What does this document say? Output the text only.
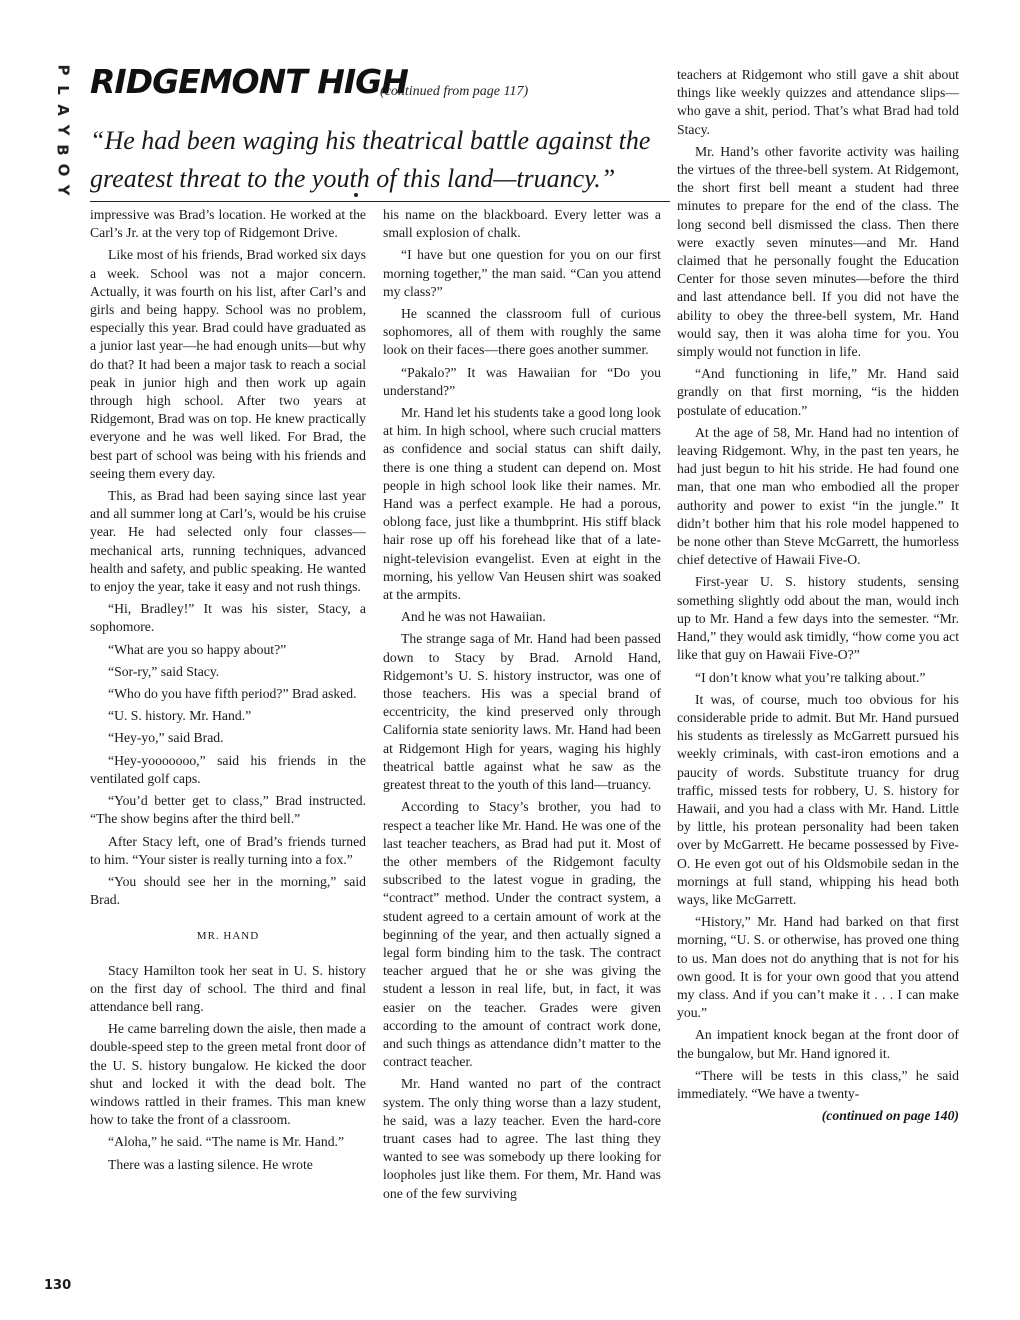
P
L
A
Y
B
O
Y
RIDGEMONT HIGH
(continued from page 117)
“He had been waging his theatrical battle against the greatest threat to the youth of this land—truancy.”

impressive was Brad’s location. He worked at the Carl’s Jr. at the very top of Ridgemont Drive.

Like most of his friends, Brad worked six days a week. School was not a major concern. Actually, it was fourth on his list, after Carl’s and girls and being happy. School was no problem, especially this year. Brad could have graduated as a junior last year—he had enough units—but why do that? It had been a major task to reach a social peak in junior high and then work up again through high school. After two years at Ridgemont, Brad was on top. He knew practically everyone and he was well liked. For Brad, the best part of school was being with his friends and seeing them every day.

This, as Brad had been saying since last year and all summer long at Carl’s, would be his cruise year. He had selected only four classes—mechanical arts, running techniques, advanced health and safety, and public speaking. He wanted to enjoy the year, take it easy and not rush things.

“Hi, Bradley!” It was his sister, Stacy, a sophomore.

“What are you so happy about?”

“Sor-ry,” said Stacy.

“Who do you have fifth period?” Brad asked.

“U. S. history. Mr. Hand.”

“Hey-yo,” said Brad.

“Hey-yooooooo,” said his friends in the ventilated golf caps.

“You’d better get to class,” Brad instructed. “The show begins after the third bell.”

After Stacy left, one of Brad’s friends turned to him. “Your sister is really turning into a fox.”

“You should see her in the morning,” said Brad.

MR. HAND

Stacy Hamilton took her seat in U. S. history on the first day of school. The third and final attendance bell rang.

He came barreling down the aisle, then made a double-speed step to the green metal front door of the U. S. history bungalow. He kicked the door shut and locked it with the dead bolt. The windows rattled in their frames. This man knew how to take the front of a classroom.

“Aloha,” he said. “The name is Mr. Hand.”

There was a lasting silence. He wrote

his name on the blackboard. Every letter was a small explosion of chalk.

“I have but one question for you on our first morning together,” the man said. “Can you attend my class?”

He scanned the classroom full of curious sophomores, all of them with roughly the same look on their faces—there goes another summer.

“Pakalo?” It was Hawaiian for “Do you understand?”

Mr. Hand let his students take a good long look at him. In high school, where such crucial matters as confidence and social status can shift daily, there is one thing a student can depend on. Most people in high school look like their names. Mr. Hand was a perfect example. He had a porous, oblong face, just like a thumbprint. His stiff black hair rose up off his forehead like that of a late-night-television evangelist. Even at eight in the morning, his yellow Van Heusen shirt was soaked at the armpits.

And he was not Hawaiian.

The strange saga of Mr. Hand had been passed down to Stacy by Brad. Arnold Hand, Ridgemont’s U. S. history instructor, was one of those teachers. His was a special brand of eccentricity, the kind preserved only through California state seniority laws. Mr. Hand had been at Ridgemont High for years, waging his highly theatrical battle against what he saw as the greatest threat to the youth of this land—truancy.

According to Stacy’s brother, you had to respect a teacher like Mr. Hand. He was one of the last teacher teachers, as Brad had put it. Most of the other members of the Ridgemont faculty subscribed to the latest vogue in grading, the “contract” method. Under the contract system, a student agreed to a certain amount of work at the beginning of the year, and then actually signed a legal form binding him to the task. The contract teacher argued that he or she was giving the student a lesson in real life, but, in fact, it was easier on the teacher. Grades were given according to the amount of contract work done, and such things as attendance didn’t matter to the contract teacher.

Mr. Hand wanted no part of the contract system. The only thing worse than a lazy student, he said, was a lazy teacher. Even the hard-core truant cases had to agree. The last thing they wanted to see was somebody up there looking for loopholes just like them. For them, Mr. Hand was one of the few surviving

teachers at Ridgemont who still gave a shit about things like weekly quizzes and attendance slips—who gave a shit, period. That’s what Brad had told Stacy.

Mr. Hand’s other favorite activity was hailing the virtues of the three-bell system. At Ridgemont, the short first bell meant a student had three minutes to prepare for the end of the class. The long second bell dismissed the class. Then there were exactly seven minutes—and Mr. Hand claimed that he personally fought the Education Center for those seven minutes—before the third and last attendance bell. If you did not have the ability to obey the three-bell system, Mr. Hand would say, then it was aloha time for you. You simply would not function in life.

“And functioning in life,” Mr. Hand said grandly on that first morning, “is the hidden postulate of education.”

At the age of 58, Mr. Hand had no intention of leaving Ridgemont. Why, in the past ten years, he had just begun to hit his stride. He had found one man, that one man who embodied all the proper authority and power to exist “in the jungle.” It didn’t bother him that his role model happened to be none other than Steve McGarrett, the humorless chief detective of Hawaii Five-O.

First-year U. S. history students, sensing something slightly odd about the man, would inch up to Mr. Hand a few days into the semester. “Mr. Hand,” they would ask timidly, “how come you act like that guy on Hawaii Five-O?”

“I don’t know what you’re talking about.”

It was, of course, much too obvious for his considerable pride to admit. But Mr. Hand pursued his students as tirelessly as McGarrett pursued his weekly criminals, with cast-iron emotions and a paucity of words. Substitute truancy for drug traffic, missed tests for robbery, U. S. history for Hawaii, and you had a class with Mr. Hand. Little by little, his protean personality had been taken over by McGarrett. He became possessed by Five-O. He even got out of his Oldsmobile sedan in the mornings at full stand, whipping his head both ways, like McGarrett.

“History,” Mr. Hand had barked on that first morning, “U. S. or otherwise, has proved one thing to us. Man does not do anything that is not for his own good. It is for your own good that you attend my class. And if you can’t make it . . . I can make you.”

An impatient knock began at the front door of the bungalow, but Mr. Hand ignored it.

“There will be tests in this class,” he said immediately. “We have a twenty-

(continued on page 140)

130
